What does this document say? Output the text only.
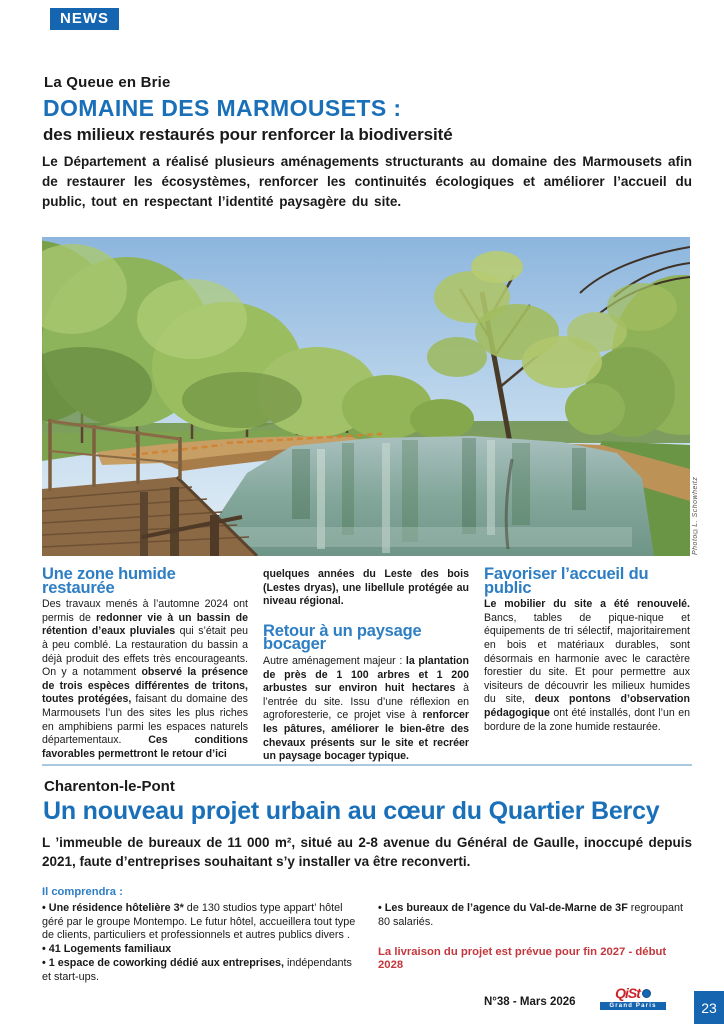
NEWS
La Queue en Brie
DOMAINE DES MARMOUSETS :
des milieux restaurés pour renforcer la biodiversité
Le Département a réalisé plusieurs aménagements structurants au domaine des Marmousets afin de restaurer les écosystèmes, renforcer les continuités écologiques et améliorer l’accueil du public, tout en respectant l’identité paysagère du site.
Photo©L. Schowheitz
Une zone humide restaurée

Des travaux menés à l’automne 2024 ont permis de redonner vie à un bassin de rétention d’eaux pluviales qui s’était peu à peu comblé. La restauration du bassin a déjà produit des effets très encourageants. On y a notamment observé la présence de trois espèces différentes de tritons, toutes protégées, faisant du domaine des Marmousets l’un des sites les plus riches en amphibiens parmi les espaces naturels départementaux. Ces conditions favorables permettront le retour d’ici

quelques années du Leste des bois (Lestes dryas), une libellule protégée au niveau régional.

Retour à un paysage bocager

Autre aménagement majeur : la plantation de près de 1 100 arbres et 1 200 arbustes sur environ huit hectares à l’entrée du site. Issu d’une réflexion en agroforesterie, ce projet vise à renforcer les pâtures, améliorer le bien-être des chevaux présents sur le site et recréer un paysage bocager typique.

Favoriser l’accueil du public

Le mobilier du site a été renouvelé. Bancs, tables de pique-nique et équipements de tri sélectif, majoritairement en bois et matériaux durables, sont désormais en harmonie avec le caractère forestier du site. Et pour permettre aux visiteurs de découvrir les milieux humides du site, deux pontons d’observation pédagogique ont été installés, dont l’un en bordure de la zone humide restaurée.

Charenton-le-Pont
Un nouveau projet urbain au cœur du Quartier Bercy
L ’immeuble de bureaux de 11 000 m², situé au 2-8 avenue du Général de Gaulle, inoccupé depuis 2021, faute d’entreprises souhaitant s’y installer va être reconverti.
Il comprendra :
• Une résidence hôtelière 3* de 130 studios type appart’ hôtel géré par le groupe Montempo. Le futur hôtel, accueillera tout type de clients, particuliers et professionnels et autres publics divers .
• 41 Logements familiaux
• 1 espace de coworking dédié aux entreprises, indépendants et start-ups.
• Les bureaux de l’agence du Val-de-Marne de 3F regroupant 80 salariés.
La livraison du projet est prévue pour fin 2027 - début 2028
N°38 - Mars 2026
QiSt
Grand Paris	23
